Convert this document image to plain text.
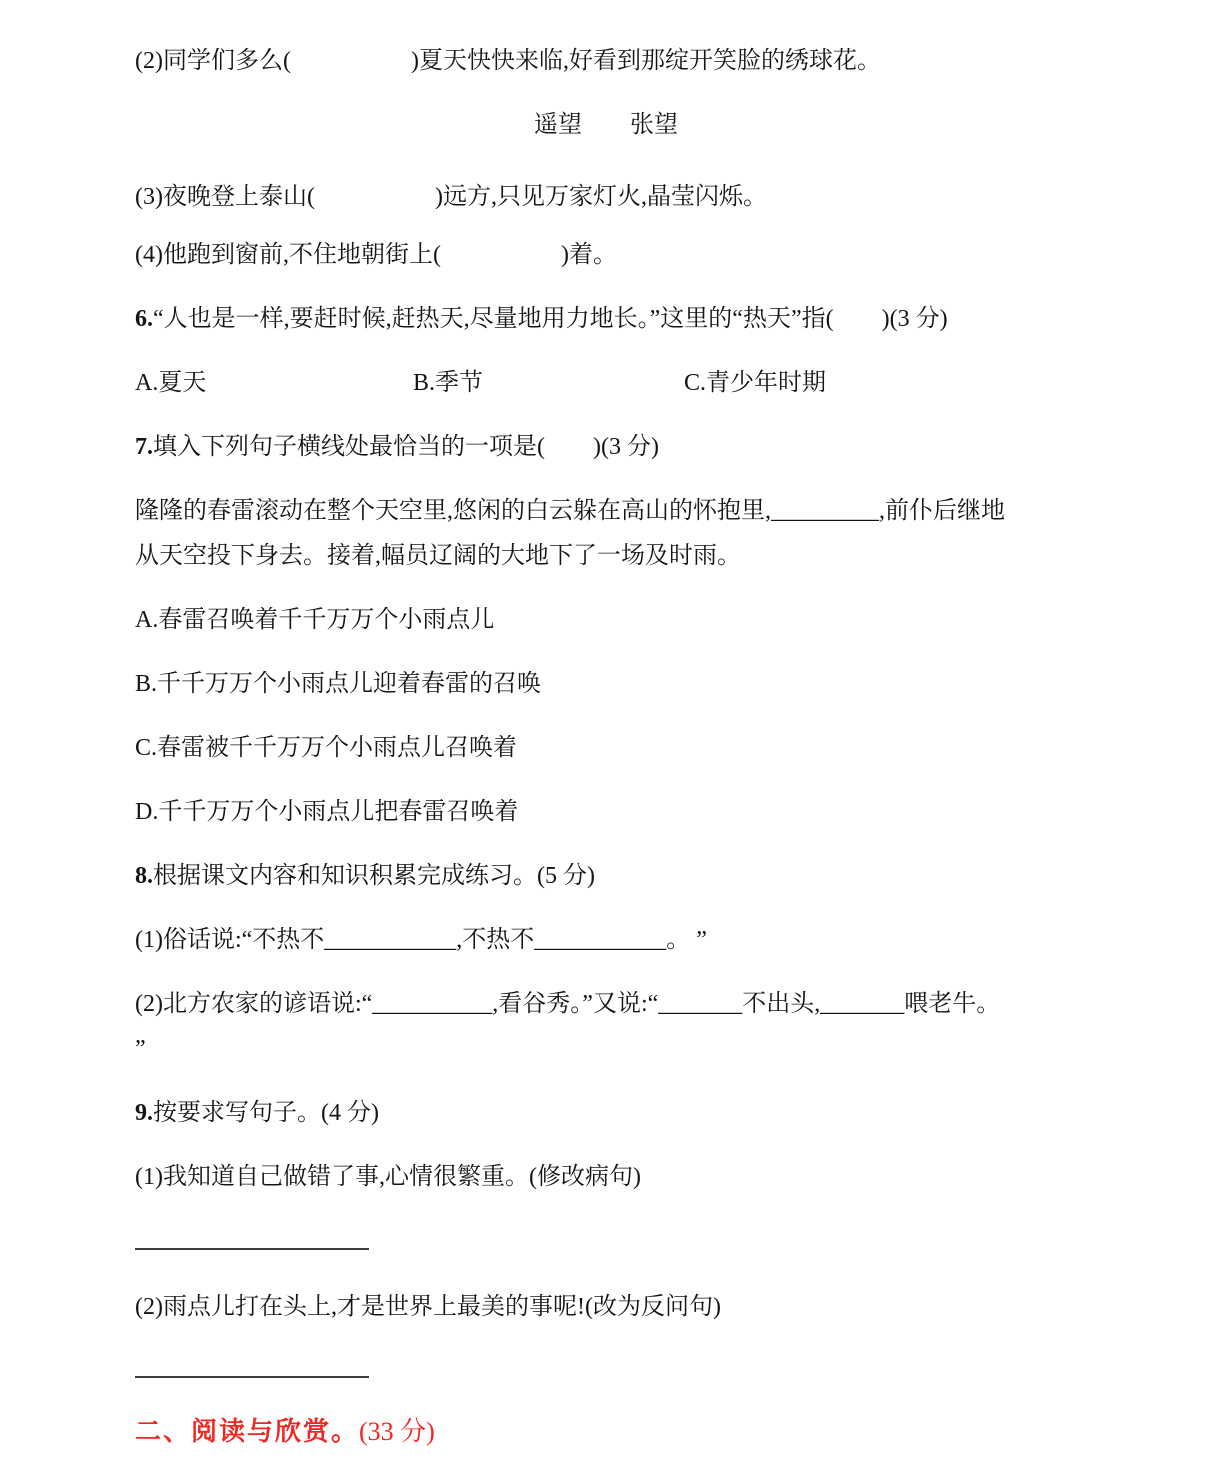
(2)同学们多么(　　　　　)夏天快快来临,好看到那绽开笑脸的绣球花。

遥望　　张望

(3)夜晚登上泰山(　　　　　)远方,只见万家灯火,晶莹闪烁。

(4)他跑到窗前,不住地朝街上(　　　　　)着。

6.“人也是一样,要赶时候,赶热天,尽量地用力地长。”这里的“热天”指(　　)(3 分)

A.夏天	B.季节	C.青少年时期

7.填入下列句子横线处最恰当的一项是(　　)(3 分)

隆隆的春雷滚动在整个天空里,悠闲的白云躲在高山的怀抱里,_________,前仆后继地

从天空投下身去。接着,幅员辽阔的大地下了一场及时雨。

A.春雷召唤着千千万万个小雨点儿

B.千千万万个小雨点儿迎着春雷的召唤

C.春雷被千千万万个小雨点儿召唤着

D.千千万万个小雨点儿把春雷召唤着

8.根据课文内容和知识积累完成练习。(5 分)

(1)俗话说:“不热不___________,不热不___________。 ”

(2)北方农家的谚语说:“__________,看谷秀。”又说:“_______不出头,_______喂老牛。

”

9.按要求写句子。(4 分)

(1)我知道自己做错了事,心情很繁重。(修改病句)

(2)雨点儿打在头上,才是世界上最美的事呢!(改为反问句)

二、阅读与欣赏。(33 分)
